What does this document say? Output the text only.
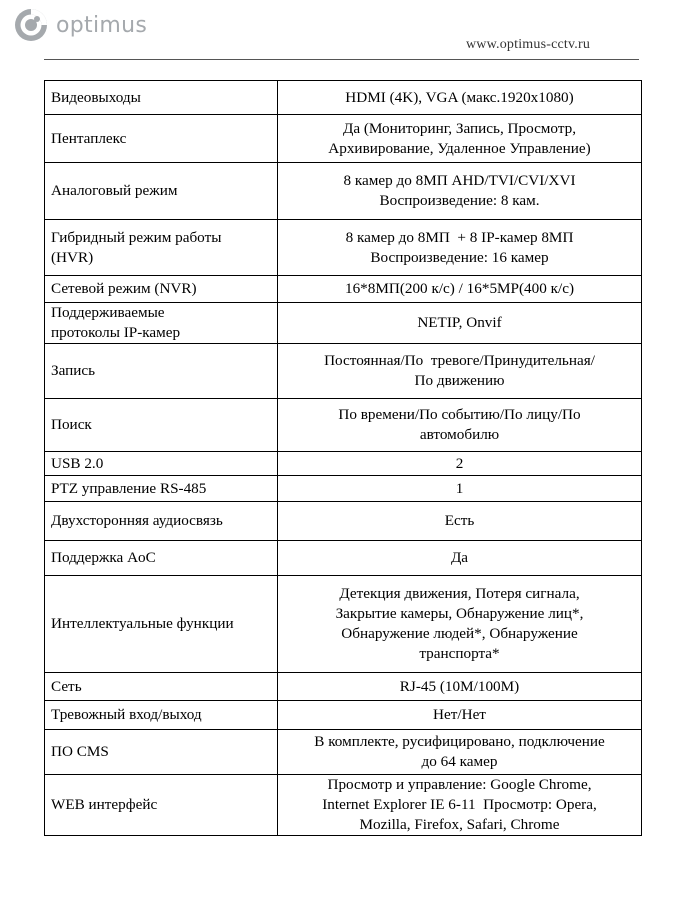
optimus
www.optimus-cctv.ru
Видеовыходы	HDMI (4K), VGA (макс.1920x1080)
Пентаплекс	Да (Мониторинг, Запись, Просмотр,
Архивирование, Удаленное Управление)
Аналоговый режим	8 камер до 8МП AHD/TVI/CVI/XVI
Воспроизведение: 8 кам.
Гибридный режим работы
(HVR)	8 камер до 8МП  + 8 IP-камер 8МП
Воспроизведение: 16 камер
Сетевой режим (NVR)	16*8МП(200 к/с) / 16*5МР(400 к/с)
Поддерживаемые
протоколы IP-камер	NETIP, Onvif
Запись	Постоянная/По  тревоге/Принудительная/
По движению
Поиск	По времени/По событию/По лицу/По
автомобилю
USB 2.0	2
PTZ управление RS-485	1
Двухсторонняя аудиосвязь	Есть
Поддержка AoC	Да
Интеллектуальные функции	Детекция движения, Потеря сигнала,
Закрытие камеры, Обнаружение лиц*,
Обнаружение людей*, Обнаружение
транспорта*
Сеть	RJ-45 (10M/100M)
Тревожный вход/выход	Нет/Нет
ПО CMS	В комплекте, русифицировано, подключение
до 64 камер
WEB интерфейс	Просмотр и управление: Google Chrome,
Internet Explorer IE 6-11  Просмотр: Opera,
Mozilla, Firefox, Safari, Chrome
